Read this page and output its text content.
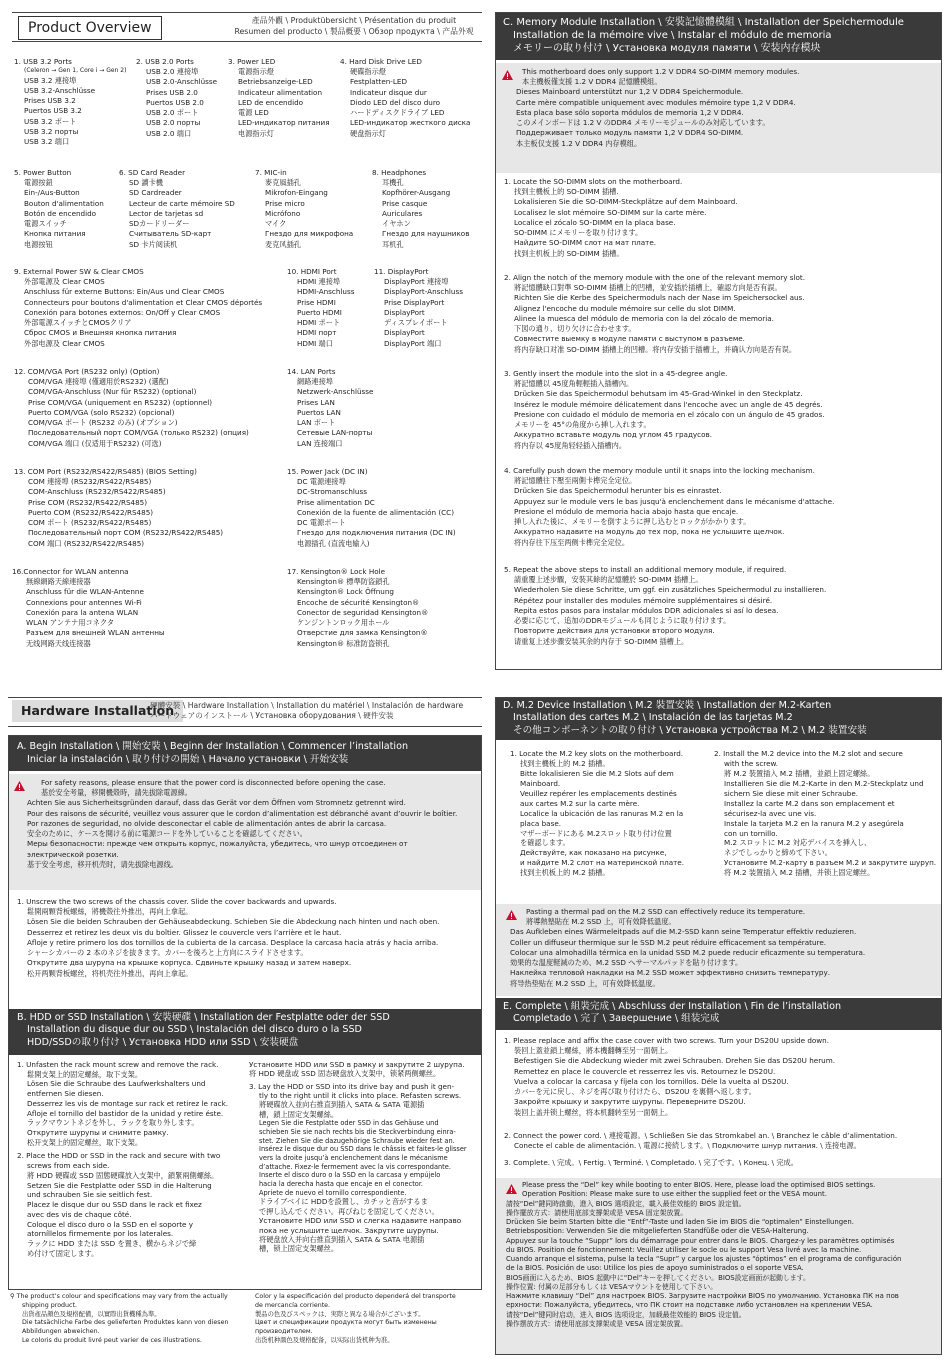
Product Overview	產品外觀 \ Produktübersicht \ Présentation du produit

Resumen del producto \ 製品概要 \ Обзор продукта \ 产品外观

1. USB 3.2 Ports

(Celeron → Gen 1, Core i → Gen 2)

USB 3.2 連接埠

USB 3.2-Anschlüsse

Prises USB 3.2

Puertos USB 3.2

USB 3.2 ポート

USB 3.2 порты

USB 3.2 端口

2. USB 2.0 Ports

USB 2.0 連接埠

USB 2.0-Anschlüsse

Prises USB 2.0

Puertos USB 2.0

USB 2.0 ポート

USB 2.0 порты

USB 2.0 端口

3. Power LED

電源指示燈

Betriebsanzeige-LED

Indicateur alimentation

LED de encendido

電源 LED

LED-индикатор питания

电源指示灯

4. Hard Disk Drive LED

硬碟指示燈

Festplatten-LED

Indicateur disque dur

Diodo LED del disco duro

ハードディスクドライブ LED

LED-индикатор жесткого диска

硬盘指示灯

5. Power Button

電源按鈕

Ein-/Aus-Button

Bouton d'alimentation

Botón de encendido

電源スイッチ

Кнопка питания

电源按钮

6. SD Card Reader

SD 讀卡機

SD Cardreader

Lecteur de carte mémoire SD

Lector de tarjetas sd

SDカードリーダー

Считыватель SD-карт

SD 卡片阅读机

7. MIC-in

麥克風插孔

Mikrofon-Eingang

Prise micro

Micrófono

マイク

Гнездо для микрофона

麦克风插孔

8. Headphones

耳機孔

Kopfhörer-Ausgang

Prise casque

Auriculares

イヤホン

Гнездо для наушников

耳机孔

9. External Power SW & Clear CMOS

外部電源及 Clear CMOS

Anschluss für externe Buttons: Ein/Aus und Clear CMOS

Connecteurs pour boutons d'alimentation et Clear CMOS déportés

Conexión para botones externos: On/Off y Clear CMOS

外部電源スイッチとCMOSクリア

Сброс CMOS и Внешняя кнопка питания

外部电源及 Clear CMOS

10. HDMI Port

HDMI 連接埠

HDMI-Anschluss

Prise HDMI

Puerto HDMI

HDMI ポート

HDMI порт

HDMI 端口

11. DisplayPort

DisplayPort 連接埠

DisplayPort-Anschluss

Prise DisplayPort

DisplayPort

ディスプレイポート

DisplayPort

DisplayPort 端口

12. COM/VGA Port (RS232 only) (Option)

COM/VGA 連接埠 (僅適用於RS232) (選配)

COM/VGA-Anschluss (Nur für RS232) (optional)

Prise COM/VGA (uniquement en RS232) (optionnel)

Puerto COM/VGA (solo RS232) (opcional)

COM/VGA ポート (RS232 のみ) (オプション)

Последовательный порт COM/VGA (только RS232) (опция)

COM/VGA 端口 (仅适用于RS232) (可选)

14. LAN Ports

網路連接埠

Netzwerk-Anschlüsse

Prises LAN

Puertos LAN

LAN ポート

Сетевые LAN-порты

LAN 连接端口

13. COM Port (RS232/RS422/RS485) (BIOS Setting)

COM 連接埠 (RS232/RS422/RS485)

COM-Anschluss (RS232/RS422/RS485)

Prise COM (RS232/RS422/RS485)

Puerto COM (RS232/RS422/RS485)

COM ポート (RS232/RS422/RS485)

Последовательный порт COM (RS232/RS422/RS485)

COM 端口 (RS232/RS422/RS485)

15. Power Jack (DC IN)

DC 電源連接埠

DC-Stromanschluss

Prise alimentation DC

Conexión de la fuente de alimentación (CC)

DC 電源ポート

Гнездо для подключения питания (DC IN)

电源插孔 (直流电输入)

16.Connector for WLAN antenna

無線網路天線連接器

Anschluss für die WLAN-Antenne

Connexions pour antennes Wi-Fi

Conexión para la antena WLAN

WLAN アンテナ用コネクタ

Разъем для внешней WLAN антенны

无线网路天线连接器

17. Kensington® Lock Hole

Kensington® 標準防盜鎖孔

Kensington® Lock Öffnung

Encoche de sécurité Kensington®

Conector de seguridad Kensington®

ケンジントンロック用ホール

Отверстие для замка Kensington®

Kensington® 标准防盗锁孔

C. Memory Module Installation \ 安裝記憶體模組 \ Installation der Speichermodule

Installation de la mémoire vive \ Instalar el módulo de memoria

メモリーの取り付け \ Установка модуля памяти \ 安装内存模块

This motherboard does only support 1.2 V DDR4 SO-DIMM memory modules.

本主機板僅支援 1.2 V DDR4 記憶體模組。

Dieses Mainboard unterstützt nur 1,2 V DDR4 Speichermodule.

Carte mère compatible uniquement avec modules mémoire type 1,2 V DDR4.

Esta placa base sólo soporta módulos de memoria 1,2 V DDR4.

このメインボードは 1.2 V のDDR4 メモリーモジュールのみ対応しています。

Поддерживает только модуль памяти 1,2 V DDR4 SO-DIMM.

本主板仅支援 1.2 V DDR4 内存模组。

1. Locate the SO-DIMM slots on the motherboard.

找到主機板上的 SO-DIMM 插槽.

Lokalisieren Sie die SO-DIMM-Steckplätze auf dem Mainboard.

Localisez le slot mémoire SO-DIMM sur la carte mère.

Localice el zócalo SO-DIMM en la placa base.

SO-DIMM にメモリーを取り付けます。

Найдите SO-DIMM слот на мат плате.

找到主机板上的 SO-DIMM 插槽。

2. Align the notch of the memory module with the one of the relevant memory slot.

將記憶體缺口對準 SO-DIMM 插槽上的凹槽，並安插於插槽上，確認方向是否有誤。

Richten Sie die Kerbe des Speichermoduls nach der Nase im Speichersockel aus.

Alignez l'encoche du module mémoire sur celle du slot DIMM.

Alinee la muesca del módulo de memoria con la del zócalo de memoria.

下図の通り、切り欠けに合わせます。

Совместите выемку в модуле памяти с выступом в разъеме.

将内存缺口对准 SO-DIMM 插槽上的凹槽。将内存安插于插槽上，并确认方向是否有误。

3. Gently insert the module into the slot in a 45-degree angle.

將記憶體以 45度角輕輕插入插槽內。

Drücken Sie das Speichermodul behutsam im 45-Grad-Winkel in den Steckplatz.

Insérez le module mémoire délicatement dans l'encoche avec un angle de 45 degrés.

Presione con cuidado el módulo de memoria en el zócalo con un ángulo de 45 grados.

メモリーを 45°の角度から挿し入れます。

Аккуратно вставьте модуль под углом 45 градусов.

将内存以 45度角轻轻插入插槽内。

4. Carefully push down the memory module until it snaps into the locking mechanism.

將記憶體往下壓至兩側卡榫完全定位。

Drücken Sie das Speichermodul herunter bis es einrastet.

Appuyez sur le module vers le bas jusqu'à enclenchement dans le mécanisme d'attache.

Presione el módulo de memoria hacia abajo hasta que encaje.

挿し入れた後に、メモリーを倒すように押し込むとロックがかかります。

Аккуратно надавите на модуль до тех пор, пока не услышите щелчок.

将内存往下压至两侧卡榫完全定位。

5. Repeat the above steps to install an additional memory module, if required.

請重覆上述步驟，安裝其餘的記憶體於 SO-DIMM 插槽上。

Wiederholen Sie diese Schritte, um ggf. ein zusätzliches Speichermodul zu installieren.

Répétez pour installer des modules mémoire supplémentaires si désiré.

Repita estos pasos para instalar módulos DDR adicionales si así lo desea.

必要に応じて、追加のDDRモジュールも同じように取り付けます。

Повторите действия для установки второго модуля.

请重复上述步骤安装其余的内存于 SO-DIMM 插槽上。

Hardware Installation

硬體安裝 \ Hardware Installation \ Installation du matériel \ Instalación de hardware

ハードウェアのインストール \ Установка оборудования \ 硬件安装

A. Begin Installation \ 開始安裝 \ Beginn der Installation \ Commencer l’installation

Iniciar la instalación \ 取り付けの開始 \ Начало установки \ 开始安装

For safety reasons, please ensure that the power cord is disconnected before opening the case.

基於安全考量，移開機殼時，請先拔除電源線。

Achten Sie aus Sicherheitsgründen darauf, dass das Gerät vor dem Öffnen vom Stromnetz getrennt wird.

Pour des raisons de sécurité, veuillez vous assurer que le cordon d’alimentation est débranché avant d’ouvrir le boîtier.

Por razones de seguridad, no olvide desconectar el cable de alimentación antes de abrir la carcasa.

安全のために、ケースを開ける前に電源コードを外していることを確認してください。

Меры безопасности: прежде чем открыть корпус, пожалуйста, убедитесь, что шнур отсоединен от

электрической розетки.

基于安全考虑，移开机壳时，请先拔除电源线。

1. Unscrew the two screws of the chassis cover. Slide the cover backwards and upwards.

鬆開兩顆背板螺絲，將機殼往外推出，再向上拿起。

Lösen Sie die beiden Schrauben der Gehäuseabdeckung. Schieben Sie die Abdeckung nach hinten und nach oben.

Desserrez et retirez les deux vis du boîtier. Glissez le couvercle vers l’arrière et le haut.

Afloje y retire primero los dos tornillos de la cubierta de la carcasa. Desplace la carcasa hacia atrás y hacia arriba.

シャーシカバーの 2 本のネジを抜きます。カバーを後ろと上方向にスライドさせます。

Открутите два шурупа на крышке корпуса. Сдвиньте крышку назад и затем наверх.

松开两颗背板螺丝，将机壳往外推出，再向上拿起。

B. HDD or SSD Installation \ 安裝硬碟 \ Installation der Festplatte oder der SSD

Installation du disque dur ou SSD \ Instalación del disco duro o la SSD

HDD/SSDの取り付け \ Установка HDD или SSD \ 安装硬盘

1. Unfasten the rack mount screw and remove the rack.

鬆開支架上的固定螺絲，取下支架。

Lösen Sie die Schraube des Laufwerkshalters und

entfernen Sie diesen.

Desserrez les vis de montage sur rack et retirez le rack.

Afloje el tornillo del bastidor de la unidad y retire éste.

ラックマウントネジを外し、ラックを取り外します。

Открутите шурупы и снимите рамку.

松开支架上的固定螺丝，取下支架。

2. Place the HDD or SSD in the rack and secure with two

screws from each side.

將 HDD 硬碟或 SSD 固態硬碟放入支架中，鎖緊兩側螺絲。

Setzen Sie die Festplatte oder SSD in die Halterung

und schrauben Sie sie seitlich fest.

Placez le disque dur ou SSD dans le rack et fixez

avec des vis de chaque côté.

Coloque el disco duro o la SSD en el soporte y

atorníllelos firmemente por los laterales.

ラックに HDD または SSD を置き、横からネジで締

め付けて固定します。

Установите HDD или SSD в рамку и закрутите 2 шурупа.

将 HDD 硬盘或 SSD 固态硬盘放入支架中，锁紧两侧螺丝。

3. Lay the HDD or SSD into its drive bay and push it gen-

tly to the right until it clicks into place. Refasten screws.

將硬碟放入並向右推直到插入 SATA & SATA 電源插

槽，鎖上固定支架螺絲。

Legen Sie die Festplatte oder SSD in das Gehäuse und

schieben Sie sie nach rechts bis die Steckverbindung einra-

stet. Ziehen Sie die dazugehörige Schraube wieder fest an.

Insérez le disque dur ou SSD dans le châssis et faites-le glisser

vers la droite jusqu’à enclenchement dans le mécanisme

d’attache. Fixez-le fermement avec la vis correspondante.

Inserte el disco duro o la SSD en la carcasa y empújelo

hacia la derecha hasta que encaje en el conector.

Apriete de nuevo el tornillo correspondiente.

ドライブベイに HDDを設置し、カチッと音がするま

で押し込んでください。再びねじを固定してください。

Установите HDD или SSD и слегка надавите направо

пока не услышите щелчок. Закрутите шурупы.

将硬盘放入并向右推直到插入 SATA & SATA 电源插

槽，锁上固定支架螺丝。

⚲ The product’s colour and specifications may vary from the actually

shipping product.

出貨產品顏色及規格配備，以實際出貨機種為準。

Die tatsächliche Farbe des gelieferten Produktes kann von diesen

Abbildungen abweichen.

Le coloris du produit livré peut varier de ces illustrations.

Color y la especificación del producto dependerá del transporte

de mercancía corriente.

製品の色及びスペックは、実際と異なる場合がございます。

Цвет и спецификации продукта могут быть изменены

производителем.

出货机种颜色及规格配备，以实际出货机种为准。

D. M.2 Device Installation \ M.2 裝置安裝 \ Installation der M.2-Karten

Installation des cartes M.2 \ Instalación de las tarjetas M.2

その他コンポーネントの取り付け \ Установка устройства M.2 \ M.2 装置安装

1. Locate the M.2 key slots on the motherboard.

找到主機板上的 M.2 插槽。

Bitte lokalisieren Sie die M.2 Slots auf dem

Mainboard.

Veuillez repérer les emplacements destinés

aux cartes M.2 sur la carte mère.

Localice la ubicación de las ranuras M.2 en la

placa base.

マザーボードにある M.2スロット取り付け位置

を確認します。

Действуйте, как показано на рисунке,

и найдите M.2 слот на материнской плате.

找到主机板上的 M.2 插槽。

2. Install the M.2 device into the M.2 slot and secure

with the screw.

將 M.2 裝置插入 M.2 插槽，並鎖上固定螺絲。

Installieren Sie die M.2-Karte in den M.2-Steckplatz und

sichern Sie diese mit einer Schraube.

Installez la carte M.2 dans son emplacement et

sécurisez-la avec une vis.

Instale la tarjeta M.2 en la ranura M.2 y asegúrela

con un tornillo.

M.2 スロットに M.2 対応デバイスを挿入し、

ネジでしっかりと締めて下さい。

Установите M.2-карту в разъем M.2 и закрутите шуруп.

将 M.2 装置插入 M.2 插槽，并锁上固定螺丝。

Pasting a thermal pad on the M.2 SSD can effectively reduce its temperature.

將導熱墊貼在 M.2 SSD 上，可有效降低溫度。

Das Aufkleben eines Wärmeleitpads auf die M.2-SSD kann seine Temperatur effektiv reduzieren.

Coller un diffuseur thermique sur le SSD M.2 peut réduire efficacement sa température.

Colocar una almohadilla térmica en la unidad SSD M.2 puede reducir eficazmente su temperatura.

効果的な温度軽減のため、M.2 SSD へサーマルパッドを貼り付けます。

Наклейка тепловой накладки на M.2 SSD может эффективно снизить температуру.

将导热垫贴在 M.2 SSD 上，可有效降低温度。

E. Complete \ 組裝完成 \ Abschluss der Installation \ Fin de l’installation

Completado \ 完了 \ Завершение \ 组装完成

1. Please replace and affix the case cover with two screws. Turn your DS20U upside down.

裝回上蓋並鎖上螺絲，將本機翻轉至另一面朝上。

Befestigen Sie die Abdeckung wieder mit zwei Schrauben. Drehen Sie das DS20U herum.

Remettez en place le couvercle et resserrez les vis. Retournez le DS20U.

Vuelva a colocar la carcasa y fíjela con los tornillos. Déle la vuelta al DS20U.

カバーを元に戻し、ネジを再び取り付けたら、DS20U を裏側へ返します。

Закройте крышку и закрутите шурупы. Переверните DS20U.

装回上盖并锁上螺丝，将本机翻转至另一面朝上。

2. Connect the power cord. \ 連接電源。\ Schließen Sie das Stromkabel an. \ Branchez le câble d’alimentation.

Conecte el cable de alimentación. \ 電源に接続します。\ Подключите шнур питания. \ 连接电源。

3. Complete. \ 完成。\ Fertig. \ Terminé. \ Completado. \ 完了です。\ Конец. \ 完成。

Please press the “Del” key while booting to enter BIOS. Here, please load the optimised BIOS settings.

Operation Position: Please make sure to use either the supplied feet or the VESA mount.

請按“Del”鍵同時啟動，進入 BIOS 選項設定，載入最佳效能的 BIOS 設定值。

操作擺放方式：請使用底部支撐架或是 VESA 固定架放置。

Drücken Sie beim Starten bitte die “Entf”-Taste und laden Sie im BIOS die “optimalen” Einstellungen.

Betriebsposition: Verwenden Sie die mitgelieferten Standfüße oder die VESA-Halterung.

Appuyez sur la touche “Suppr” lors du démarrage pour entrer dans le BIOS. Chargez-y les paramètres optimisés

du BIOS. Position de fonctionnement: Veuillez utiliser le socle ou le support Vesa livré avec la machine.

Cuando arranque el sistema, pulse la tecla “Supr” y cargue los ajustes “óptimos” en el programa de configuración

de la BIOS. Posición de uso: Utilice los pies de apoyo suministrados o el soporte VESA.

BIOS画面に入るため、BIOS 起動中に“Del”キーを押してください。BIOS設定画面が起動します。

操作位置: 付属の足部分もしくは VESAマウントを使用して下さい。

Нажмите клавишу “Del” для настроек BIOS. Загрузите настройки BIOS по умолчанию. Установка ПК на пов

ерхности: Пожалуйста, убедитесь, что ПК стоит на подставке либо установлен на креплении VESA.

请按“Del”键同时启动，进入 BIOS 选项设定，加载最佳效能的 BIOS 设定值。

操作摆放方式：请使用底部支撑架或是 VESA 固定架放置。
